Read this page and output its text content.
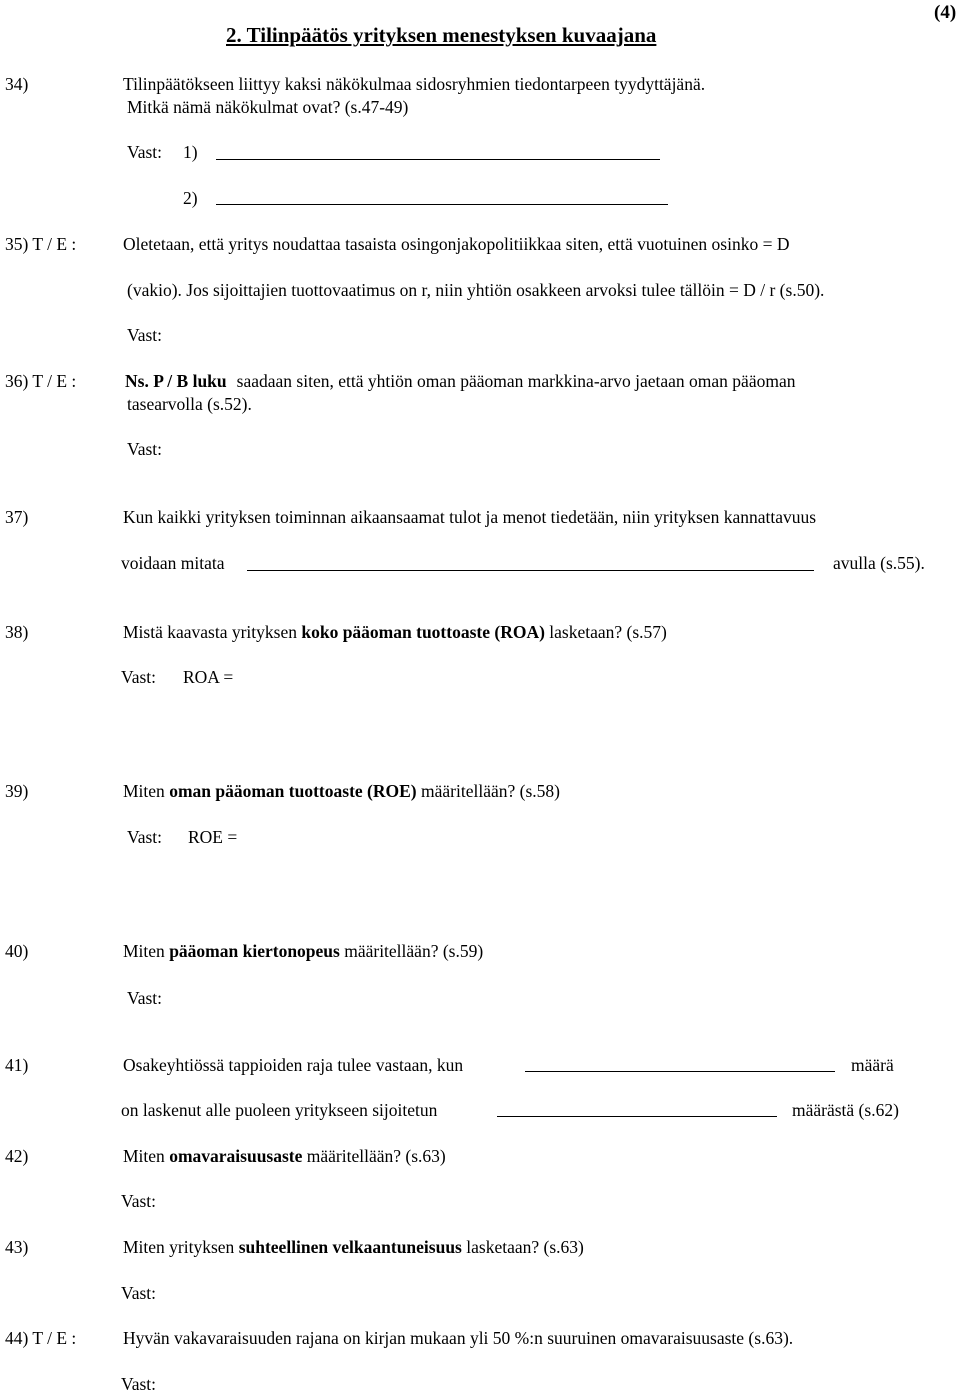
2. Tilinpäätös yrityksen menestyksen kuvaajana
(4)
34)	Tilinpäätökseen liittyy kaksi näkökulmaa sidosryhmien tiedontarpeen tyydyttäjänä.
Mitkä nämä näkökulmat ovat? (s.47-49)
Vast: 1)
2)
35) T / E :	Oletetaan, että yritys noudattaa tasaista osingonjakopolitiikkaa siten, että vuotuinen osinko = D
(vakio). Jos sijoittajien tuottovaatimus on r, niin yhtiön osakkeen arvoksi tulee tällöin = D / r (s.50).
Vast:
36) T / E :	Ns. P / B luku saadaan siten, että yhtiön oman pääoman markkina-arvo jaetaan oman pääoman
tasearvolla (s.52).
Vast:
37)	Kun kaikki yrityksen toiminnan aikaansaamat tulot ja menot tiedetään, niin yrityksen kannattavuus
voidaan mitata	avulla (s.55).
38)	Mistä kaavasta yrityksen koko pääoman tuottoaste (ROA) lasketaan? (s.57)
Vast: ROA =
39)	Miten oman pääoman tuottoaste (ROE) määritellään? (s.58)
Vast: ROE =
40)	Miten pääoman kiertonopeus määritellään? (s.59)
Vast:
41)	Osakeyhtiössä tappioiden raja tulee vastaan, kun	määrä
on laskenut alle puoleen yritykseen sijoitetun	määrästä (s.62)
42)	Miten omavaraisuusaste määritellään? (s.63)
Vast:
43)	Miten yrityksen suhteellinen velkaantuneisuus lasketaan? (s.63)
Vast:
44) T / E :	Hyvän vakavaraisuuden rajana on kirjan mukaan yli 50 %:n suuruinen omavaraisuusaste (s.63).
Vast:
